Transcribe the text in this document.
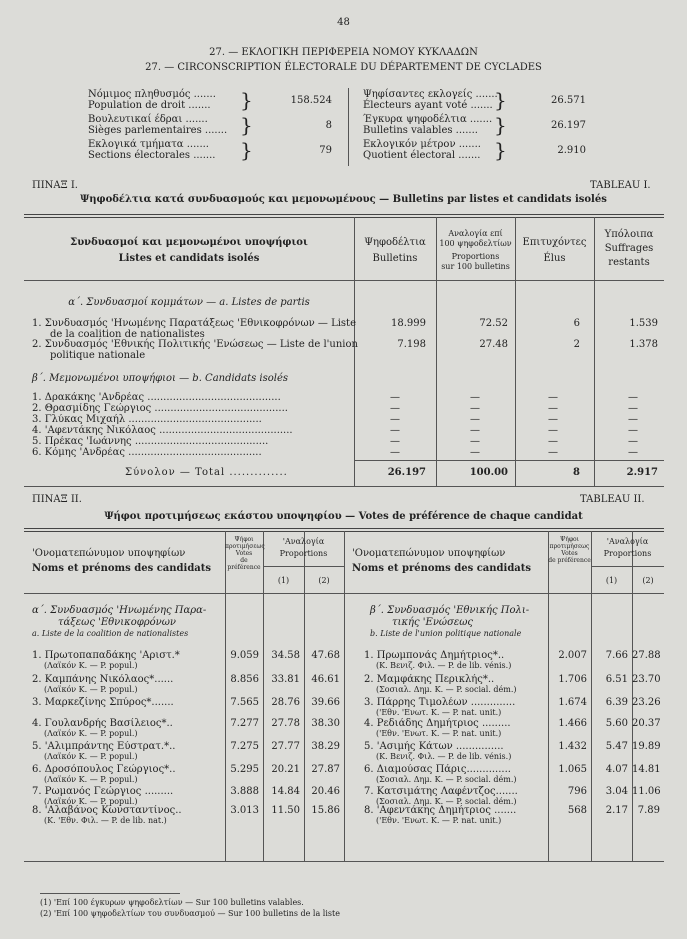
48
27. — ΕΚΛΟΓΙΚΗ ΠΕΡΙΦΕΡΕΙΑ ΝΟΜΟΥ ΚΥΚΛΑΔΩΝ
27. — CIRCONSCRIPTION ÉLECTORALE DU DÉPARTEMENT DE CYCLADES
Νόμιμος πληθυσμός .......
Population de droit ....... }	158.524
Βουλευτικαί έδραι .......
Sièges parlementaires ....... }	8
Εκλογικά τμήματα .......
Sections électorales ....... }	79
Ψηφίσαντες εκλογείς .......
Électeurs ayant voté ....... }	26.571
Έγκυρα ψηφοδέλτια .......
Bulletins valables ....... }	26.197
Εκλογικόν μέτρον .......
Quotient électoral ....... }	2.910
ΠΙΝΑΞ Ι.	TABLEAU I.
Ψηφοδέλτια κατά συνδυασμούς και μεμονωμένους — Bulletins par listes et candidats isolés
Συνδυασμοί και μεμονωμένοι υποψήφιοι
Listes et candidats isolés
Ψηφοδέλτια
Bulletins
Αναλογία επί
100 ψηφοδελτίων
Proportions
sur 100 bulletins
Επιτυχόντες
Élus
Υπόλοιπα
Suffrages
restants
α΄. Συνδυασμοί κομμάτων — a. Listes de partis
1. Συνδυασμός 'Ηνωμένης Παρατάξεως 'Εθνικοφρόνων — Liste
de la coalition de nationalistes
18.999	72.52	6	1.539
2. Συνδυασμός 'Εθνικής Πολιτικής 'Ενώσεως — Liste de l'union
politique nationale
7.198	27.48	2	1.378
β΄. Μεμονωμένοι υποψήφιοι — b. Candidats isolés
1. Δρακάκης 'Ανδρέας ..........................................	—	—	—	—
2. Θρασμίδης Γεώργιος ..........................................	—	—	—	—
3. Γλύκας Μιχαήλ ..........................................	—	—	—	—
4. 'Αφεντάκης Νικόλαος ..........................................	—	—	—	—
5. Πρέκας 'Ιωάννης ..........................................	—	—	—	—
6. Κόμης 'Ανδρέας ..........................................	—	—	—	—
Σύνολον — Total ..............	26.197	100.00	8	2.917
ΠΙΝΑΞ ΙΙ.	TABLEAU II.
Ψήφοι προτιμήσεως εκάστου υποψηφίου — Votes de préférence de chaque candidat
'Ονοματεπώνυμον υποψηφίων
Noms et prénoms des candidats
Ψήφοι
προτιμήσεως
Votes
de préférence
'Αναλογία
Proportions
(1)	(2)
'Ονοματεπώνυμον υποψηφίων
Noms et prénoms des candidats
Ψήφοι
προτιμήσεως
Votes
de préférence
'Αναλογία
Proportions
(1)	(2)
α΄. Συνδυασμός 'Ηνωμένης Παρα-
τάξεως 'Εθνικοφρόνων
a. Liste de la coalition de nationalistes
β΄. Συνδυασμός 'Εθνικής Πολι-
τικής 'Ενώσεως
b. Liste de l'union politique nationale
1. Πρωτοπαπαδάκης 'Αριστ.*
(Λαϊκόν Κ. — P. popul.)
9.059	34.58	47.68
2. Καμπάνης Νικόλαος*......
(Λαϊκόν Κ. — P. popul.)
8.856	33.81	46.61
3. Μαρκεζίνης Σπύρος*.......	7.565	28.76	39.66
4. Γουλανδρής Βασίλειος*..
(Λαϊκόν Κ. — P. popul.)
7.277	27.78	38.30
5. 'Αλιμπράντης Εύστρατ.*..
(Λαϊκόν Κ. — P. popul.)
7.275	27.77	38.29
6. Δροσόπουλος Γεώργιος*..
(Λαϊκόν Κ. — P. popul.)
5.295	20.21	27.87
7. Ρωμανός Γεώργιος .........
(Λαϊκόν Κ. — P. popul.)
3.888	14.84	20.46
8. 'Αλαβάνος Κωνσταντίνος..
(Κ. 'Εθν. Φιλ. — P. de lib. nat.)
3.013	11.50	15.86
1. Πρωμπονάς Δημήτριος*..
(Κ. Βενιζ. Φιλ. — P. de lib. vénis.)
2.007	7.66 27.88
2. Μαμφάκης Περικλής*..
(Σοσιαλ. Δημ. Κ. — P. social. dém.)
1.706	6.51 23.70
3. Πάρρης Τιμολέων ..............
('Εθν. 'Ενωτ. Κ. — P. nat. unit.)
1.674	6.39 23.26
4. Ρεδιάδης Δημήτριος .........
('Εθν. 'Ενωτ. Κ. — P. nat. unit.)
1.466	5.60 20.37
5. 'Ασιμής Κάτων ...............
(Κ. Βενιζ. Φιλ. — P. de lib. vénis.)
1.432	5.47 19.89
6. Διαμούσας Πάρις..............
(Σοσιαλ. Δημ. Κ. — P. social. dém.)
1.065	4.07 14.81
7. Κατσιμάτης Λαφέντζος.......
(Σοσιαλ. Δημ. Κ. — P. social. dém.)
796	3.04 11.06
8. 'Αφεντάκης Δημήτριος .......
('Εθν. 'Ενωτ. Κ. — P. nat. unit.)
568	2.17 7.89
(1) 'Επί 100 έγκυρων ψηφοδελτίων — Sur 100 bulletins valables.
(2) 'Επί 100 ψηφοδελτίων του συνδυασμού — Sur 100 bulletins de la liste
